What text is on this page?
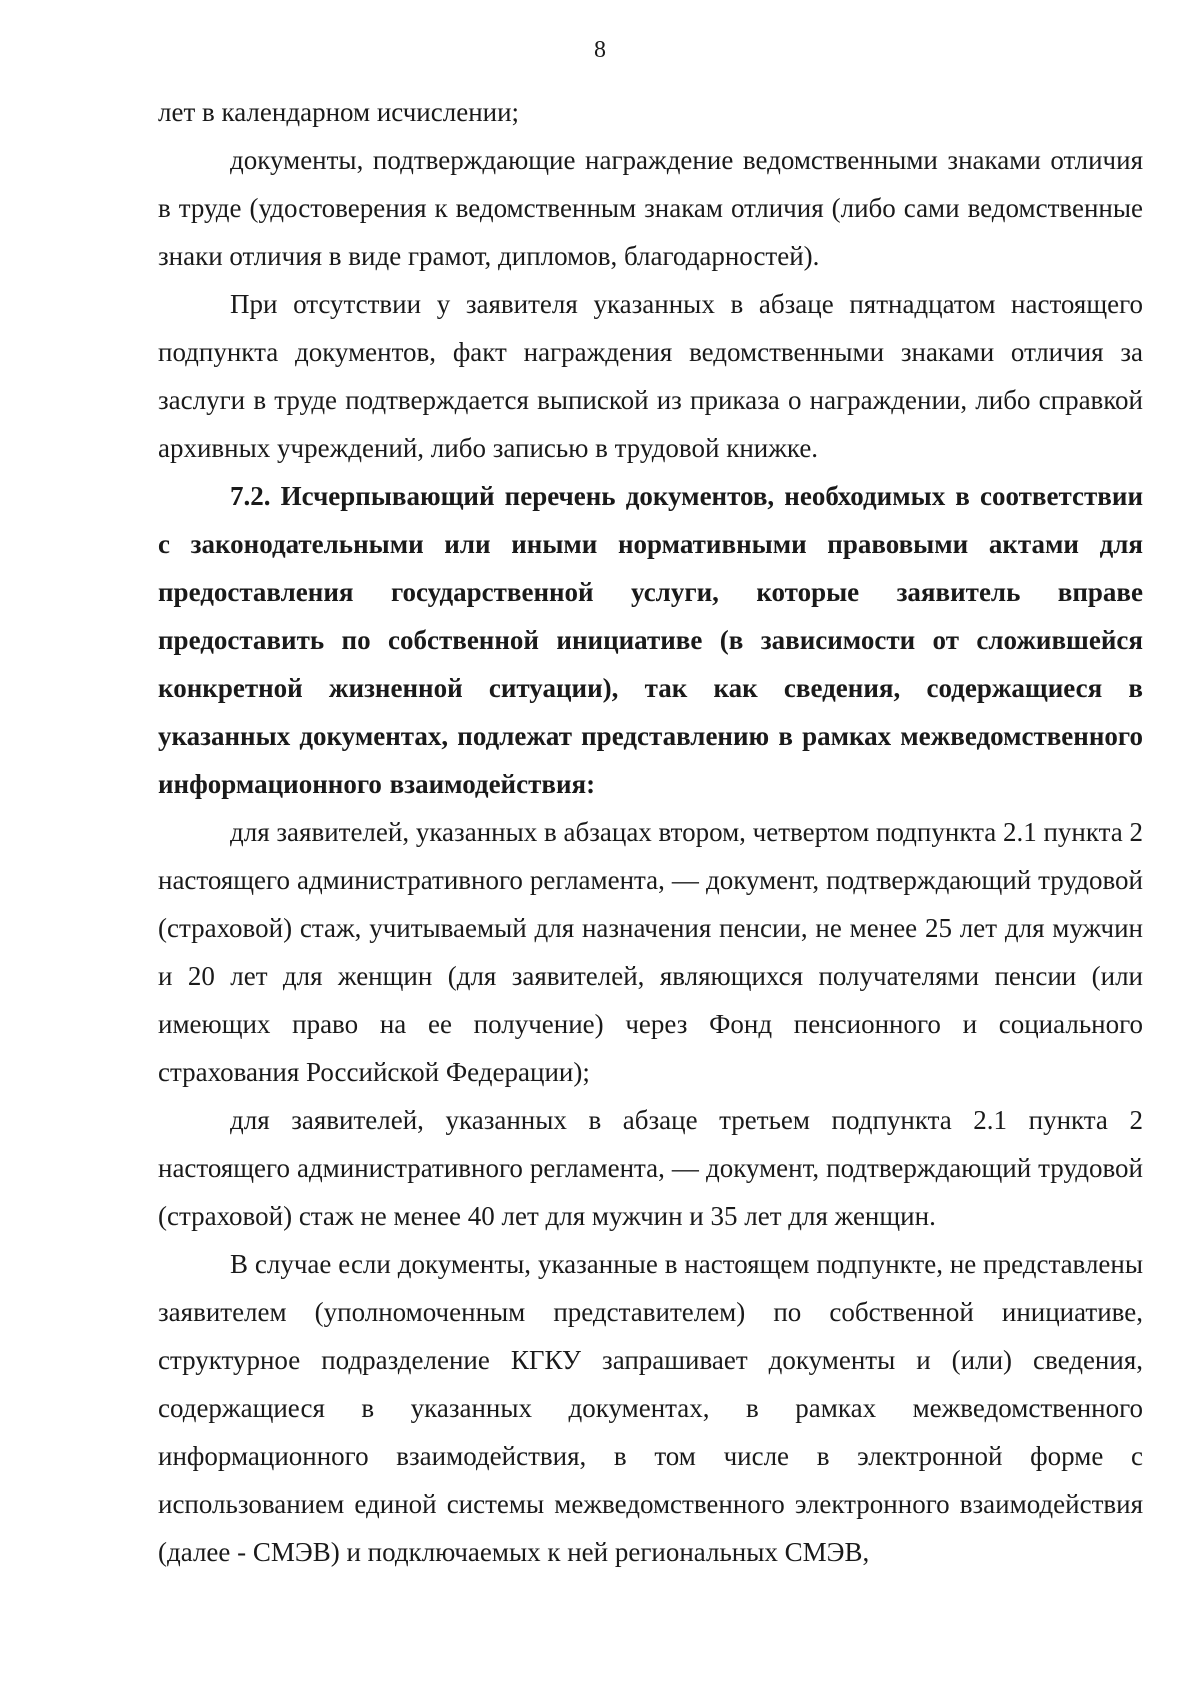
8

лет в календарном исчислении;

документы, подтверждающие награждение ведомственными знаками отличия в труде (удостоверения к ведомственным знакам отличия (либо сами ведомственные знаки отличия в виде грамот, дипломов, благодарностей).

При отсутствии у заявителя указанных в абзаце пятнадцатом настоящего подпункта документов, факт награждения ведомственными знаками отличия за заслуги в труде подтверждается выпиской из приказа о награждении, либо справкой архивных учреждений, либо записью в трудовой книжке.

7.2. Исчерпывающий перечень документов, необходимых в соответствии с законодательными или иными нормативными правовыми актами для предоставления государственной услуги, которые заявитель вправе предоставить по собственной инициативе (в зависимости от сложившейся конкретной жизненной ситуации), так как сведения, содержащиеся в указанных документах, подлежат представлению в рамках межведомственного информационного взаимодействия:

для заявителей, указанных в абзацах втором, четвертом подпункта 2.1 пункта 2 настоящего административного регламента, — документ, подтверждающий трудовой (страховой) стаж, учитываемый для назначения пенсии, не менее 25 лет для мужчин и 20 лет для женщин (для заявителей, являющихся получателями пенсии (или имеющих право на ее получение) через Фонд пенсионного и социального страхования Российской Федерации);

для заявителей, указанных в абзаце третьем подпункта 2.1 пункта 2 настоящего административного регламента, — документ, подтверждающий трудовой (страховой) стаж не менее 40 лет для мужчин и 35 лет для женщин.

В случае если документы, указанные в настоящем подпункте, не представлены заявителем (уполномоченным представителем) по собственной инициативе, структурное подразделение КГКУ запрашивает документы и (или) сведения, содержащиеся в указанных документах, в рамках межведомственного информационного взаимодействия, в том числе в электронной форме с использованием единой системы межведомственного электронного взаимодействия (далее - СМЭВ) и подключаемых к ней региональных СМЭВ,
